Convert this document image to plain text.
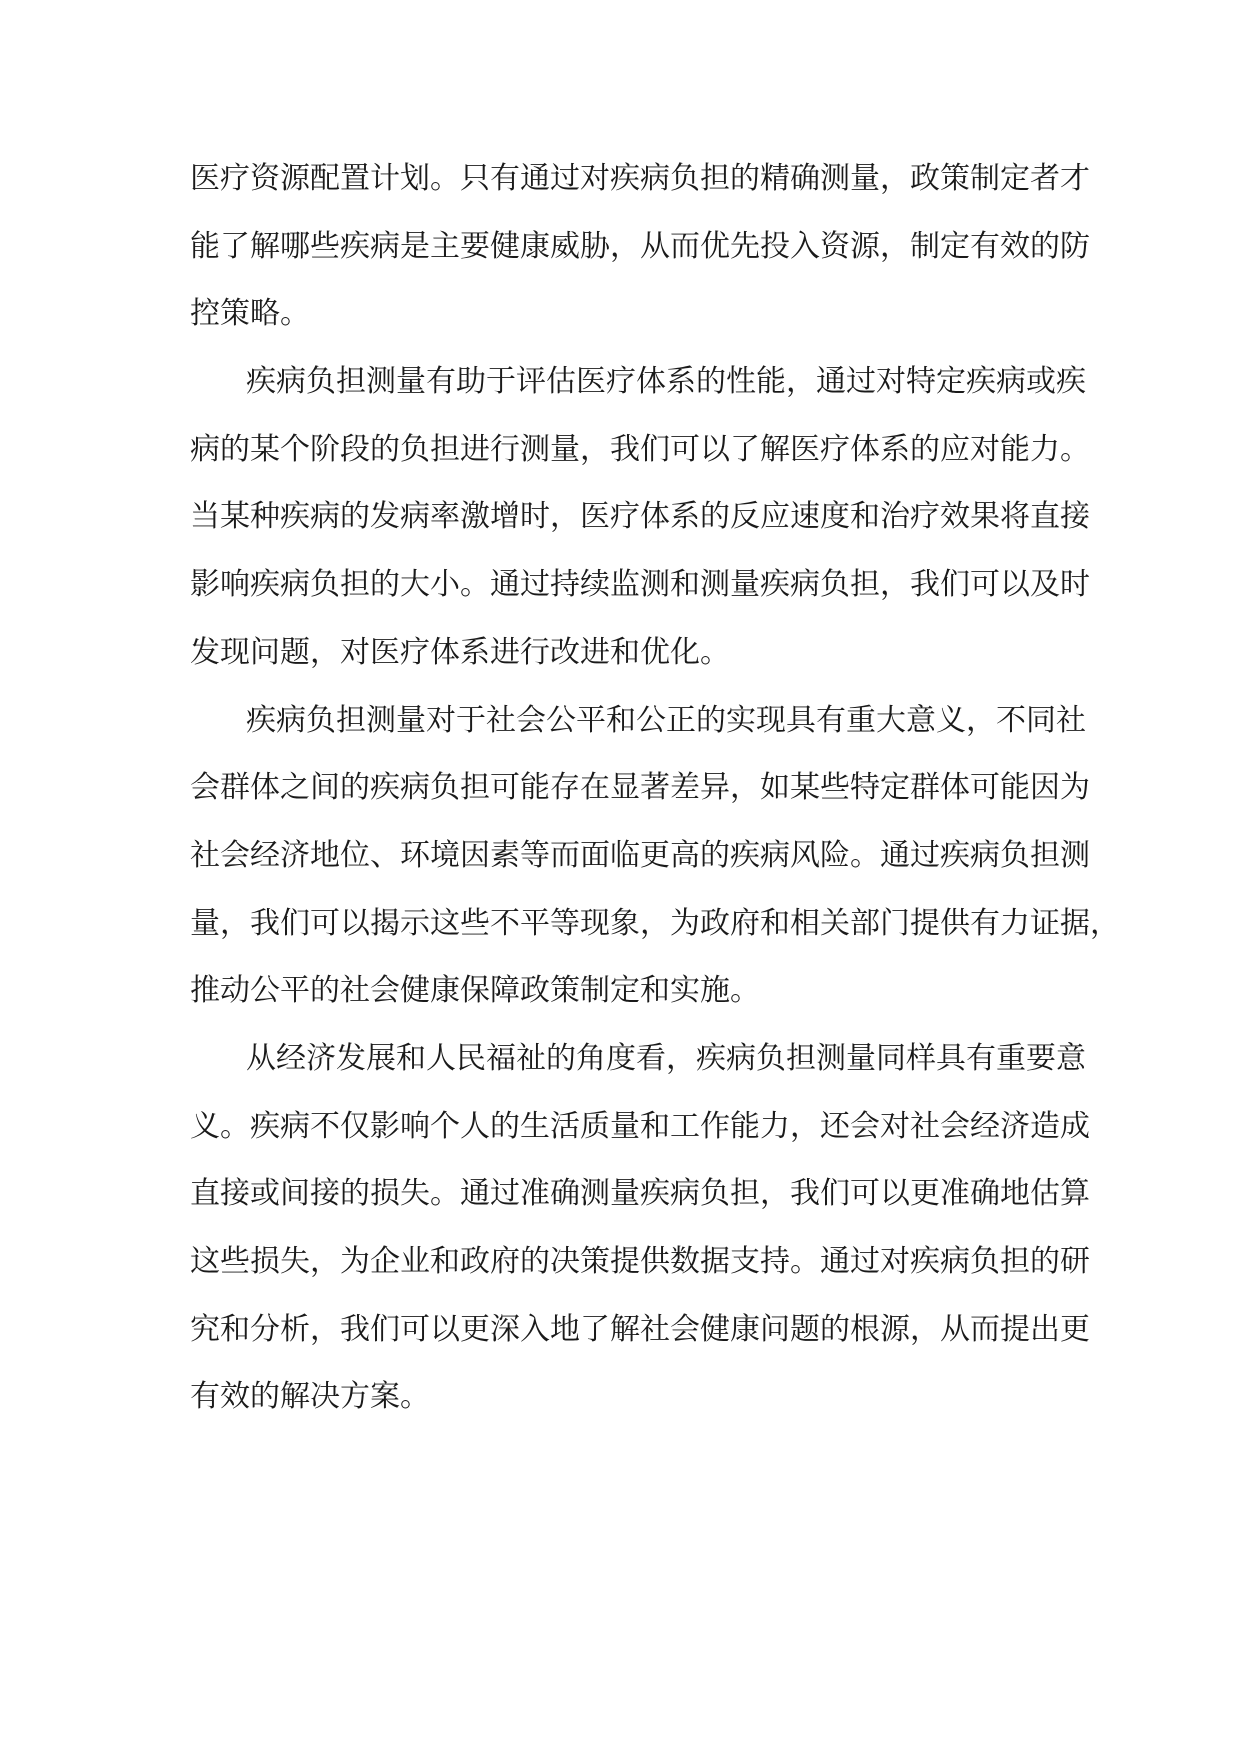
医疗资源配置计划。只有通过对疾病负担的精确测量，政策制定者才
能了解哪些疾病是主要健康威胁，从而优先投入资源，制定有效的防
控策略。
疾病负担测量有助于评估医疗体系的性能，通过对特定疾病或疾
病的某个阶段的负担进行测量，我们可以了解医疗体系的应对能力。
当某种疾病的发病率激增时，医疗体系的反应速度和治疗效果将直接
影响疾病负担的大小。通过持续监测和测量疾病负担，我们可以及时
发现问题，对医疗体系进行改进和优化。
疾病负担测量对于社会公平和公正的实现具有重大意义，不同社
会群体之间的疾病负担可能存在显著差异，如某些特定群体可能因为
社会经济地位、环境因素等而面临更高的疾病风险。通过疾病负担测
量，我们可以揭示这些不平等现象，为政府和相关部门提供有力证据，
推动公平的社会健康保障政策制定和实施。
从经济发展和人民福祉的角度看，疾病负担测量同样具有重要意
义。疾病不仅影响个人的生活质量和工作能力，还会对社会经济造成
直接或间接的损失。通过准确测量疾病负担，我们可以更准确地估算
这些损失，为企业和政府的决策提供数据支持。通过对疾病负担的研
究和分析，我们可以更深入地了解社会健康问题的根源，从而提出更
有效的解决方案。
